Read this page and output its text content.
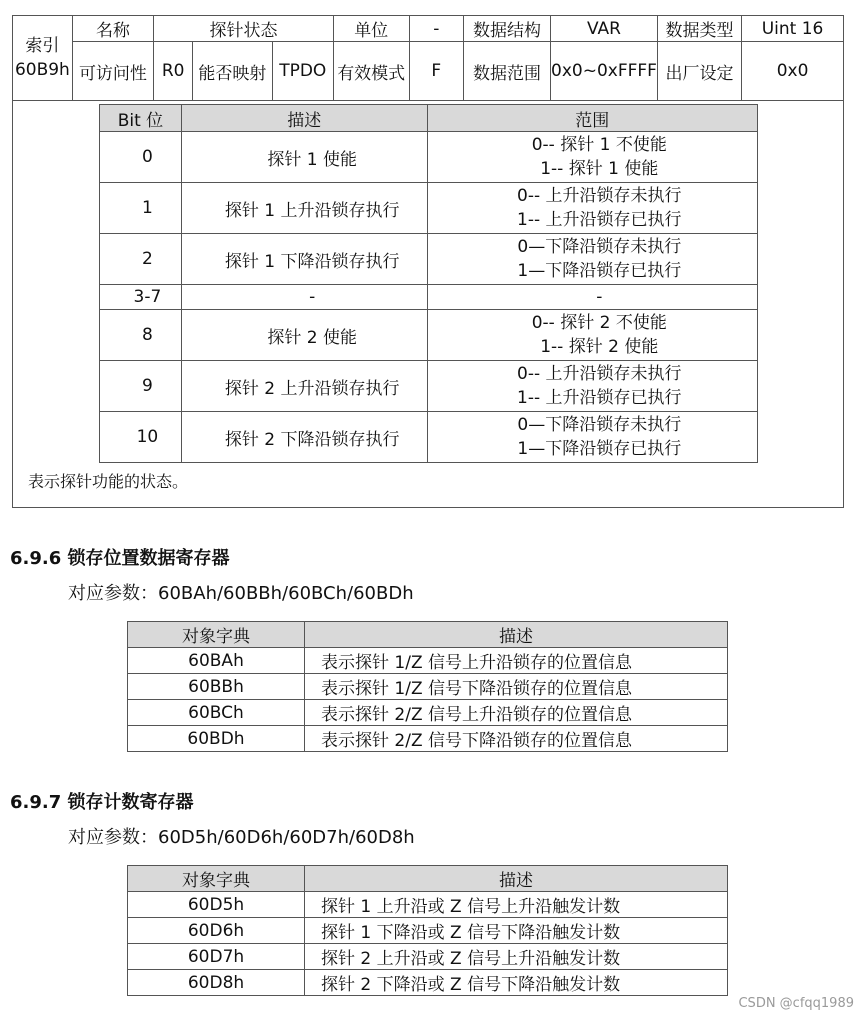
索引
60B9h	名称	探针状态	单位	-	数据结构	VAR	数据类型	Uint 16
可访问性	R0	能否映射	TPDO	有效模式	F	数据范围	0x0~0xFFFF	出厂设定	0x0

Bit 位	描述	范围
0	探针 1 使能	0-- 探针 1 不使能
1-- 探针 1 使能
1	探针 1 上升沿锁存执行	0-- 上升沿锁存未执行
1-- 上升沿锁存已执行
2	探针 1 下降沿锁存执行	0—下降沿锁存未执行
1—下降沿锁存已执行
3-7	-	-
8	探针 2 使能	0-- 探针 2 不使能
1-- 探针 2 使能
9	探针 2 上升沿锁存执行	0-- 上升沿锁存未执行
1-- 上升沿锁存已执行
10	探针 2 下降沿锁存执行	0—下降沿锁存未执行
1—下降沿锁存已执行
表示探针功能的状态。
6.9.6 锁存位置数据寄存器

对应参数：60BAh/60BBh/60BCh/60BDh

对象字典	描述
60BAh	表示探针 1/Z 信号上升沿锁存的位置信息
60BBh	表示探针 1/Z 信号下降沿锁存的位置信息
60BCh	表示探针 2/Z 信号上升沿锁存的位置信息
60BDh	表示探针 2/Z 信号下降沿锁存的位置信息
6.9.7 锁存计数寄存器

对应参数：60D5h/60D6h/60D7h/60D8h

对象字典	描述
60D5h	探针 1 上升沿或 Z 信号上升沿触发计数
60D6h	探针 1 下降沿或 Z 信号下降沿触发计数
60D7h	探针 2 上升沿或 Z 信号上升沿触发计数
60D8h	探针 2 下降沿或 Z 信号下降沿触发计数
CSDN @cfqq1989
